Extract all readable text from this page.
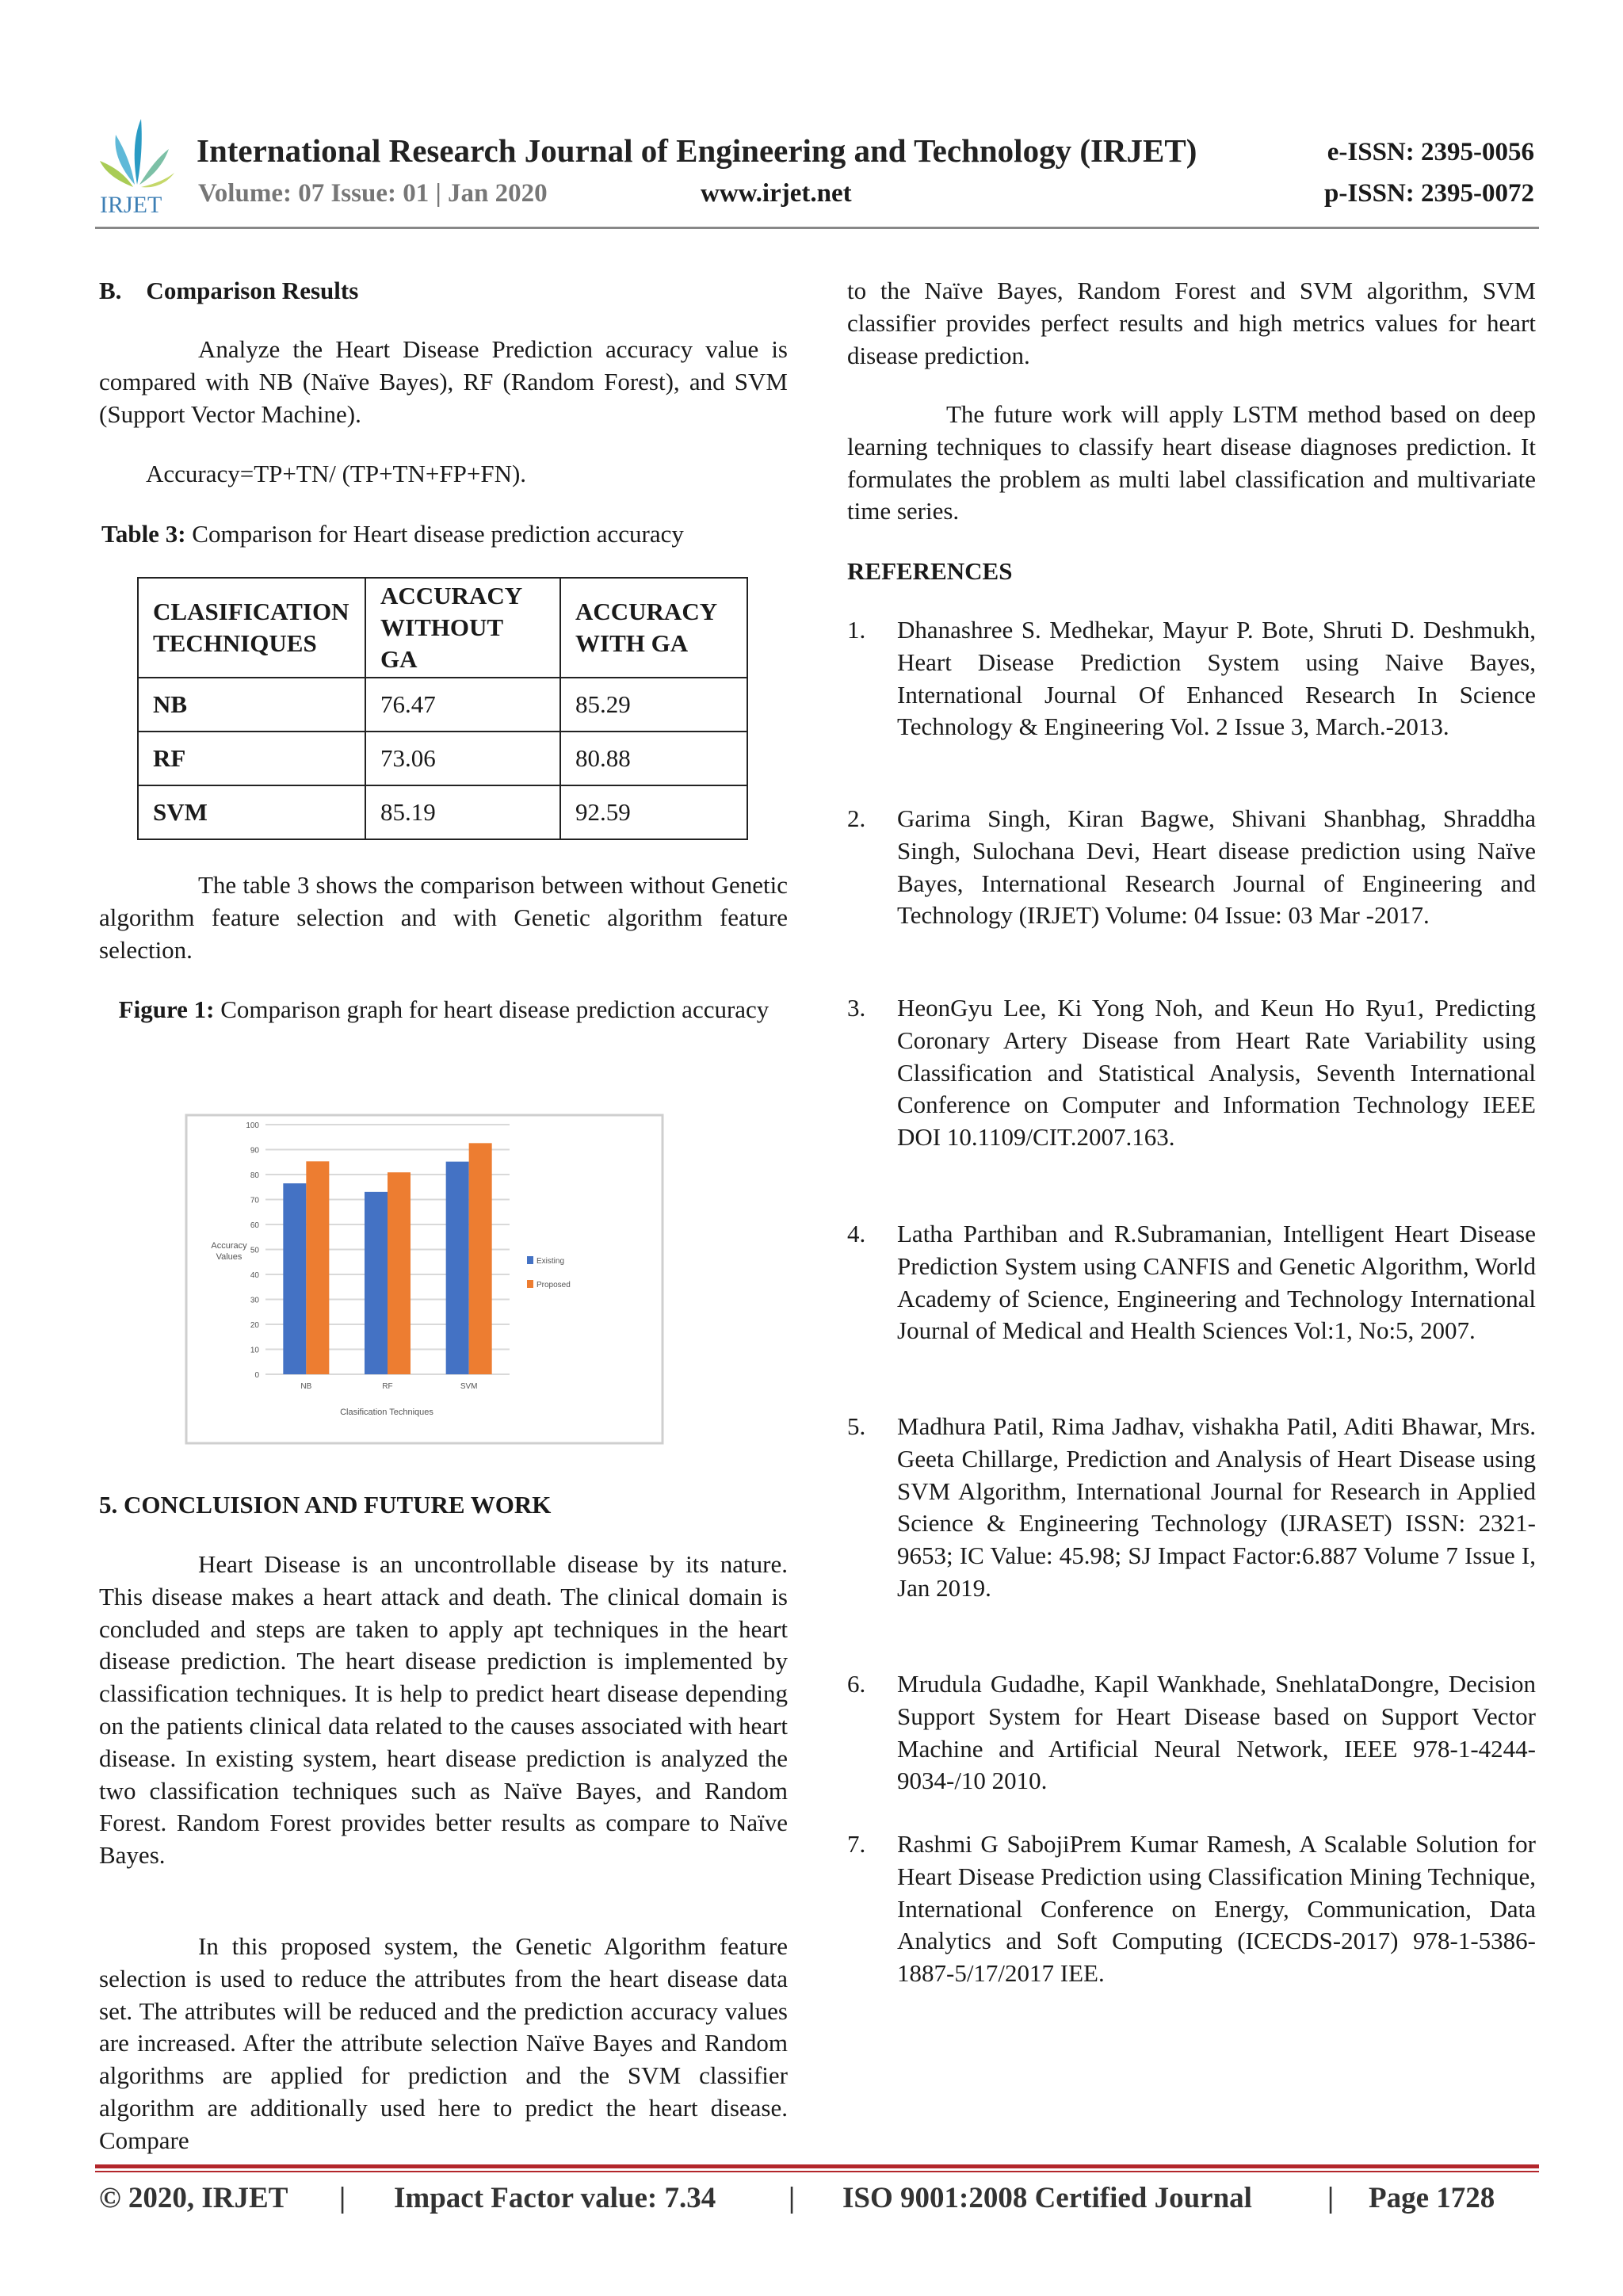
IRJET
International Research Journal of Engineering and Technology (IRJET)	e-ISSN: 2395-0056
Volume: 07 Issue: 01 | Jan 2020	www.irjet.net	p-ISSN: 2395-0072
B.    Comparison Results
Analyze the Heart Disease Prediction accuracy value is compared with NB (Naïve Bayes), RF (Random Forest), and SVM (Support Vector Machine).
Accuracy=TP+TN/ (TP+TN+FP+FN).
Table 3: Comparison for Heart disease prediction accuracy
CLASIFICATION TECHNIQUES	ACCURACY WITHOUT GA	ACCURACY WITH GA
NB	76.47	85.29
RF	73.06	80.88
SVM	85.19	92.59
The table 3 shows the comparison between without Genetic algorithm feature selection and with Genetic algorithm feature selection.
Figure 1: Comparison graph for heart disease prediction accuracy
0
10
20
30
40
50
60
70
80
90
100
NB	RF	SVM
Accuracy Values
Clasification Techniques
Existing
Proposed
5. CONCLUISION AND FUTURE WORK
Heart Disease is an uncontrollable disease by its nature. This disease makes a heart attack and death. The clinical domain is concluded and steps are taken to apply apt techniques in the heart disease prediction. The heart disease prediction is implemented by classification techniques. It is help to predict heart disease depending on the patients clinical data related to the causes associated with heart disease. In existing system, heart disease prediction is analyzed the two classification techniques such as Naïve Bayes, and Random Forest. Random Forest provides better results as compare to Naïve Bayes.
In this proposed system, the Genetic Algorithm feature selection is used to reduce the attributes from the heart disease data set. The attributes will be reduced and the prediction accuracy values are increased. After the attribute selection Naïve Bayes and Random algorithms are applied for prediction and the SVM classifier algorithm are additionally used here to predict the heart disease. Compare
to the Naïve Bayes, Random Forest and SVM algorithm, SVM classifier provides perfect results and high metrics values for heart disease prediction.
The future work will apply LSTM method based on deep learning techniques to classify heart disease diagnoses prediction. It formulates the problem as multi label classification and multivariate time series.
REFERENCES
1. Dhanashree S. Medhekar, Mayur P. Bote, Shruti D. Deshmukh, Heart Disease Prediction System using Naive Bayes, International Journal Of Enhanced Research In Science Technology & Engineering Vol. 2 Issue 3, March.-2013.
2. Garima Singh, Kiran Bagwe, Shivani Shanbhag, Shraddha Singh, Sulochana Devi, Heart disease prediction using Naïve Bayes, International Research Journal of Engineering and Technology (IRJET) Volume: 04 Issue: 03 Mar -2017.
3. HeonGyu Lee, Ki Yong Noh, and Keun Ho Ryu1, Predicting Coronary Artery Disease from Heart Rate Variability using Classification and Statistical Analysis, Seventh International Conference on Computer and Information Technology IEEE DOI 10.1109/CIT.2007.163.
4. Latha Parthiban and R.Subramanian, Intelligent Heart Disease Prediction System using CANFIS and Genetic Algorithm, World Academy of Science, Engineering and Technology International Journal of Medical and Health Sciences Vol:1, No:5, 2007.
5. Madhura Patil, Rima Jadhav, vishakha Patil, Aditi Bhawar, Mrs. Geeta Chillarge, Prediction and Analysis of Heart Disease using SVM Algorithm, International Journal for Research in Applied Science & Engineering Technology (IJRASET) ISSN: 2321-9653; IC Value: 45.98; SJ Impact Factor:6.887 Volume 7 Issue I, Jan 2019.
6. Mrudula Gudadhe, Kapil Wankhade, SnehlataDongre, Decision Support System for Heart Disease based on Support Vector Machine and Artificial Neural Network, IEEE 978-1-4244-9034-/10 2010.
7. Rashmi G SabojiPrem Kumar Ramesh, A Scalable Solution for Heart Disease Prediction using Classification Mining Technique, International Conference on Energy, Communication, Data Analytics and Soft Computing (ICECDS-2017) 978-1-5386-1887-5/17/2017 IEE.
© 2020, IRJET | Impact Factor value: 7.34 | ISO 9001:2008 Certified Journal	| Page 1728
